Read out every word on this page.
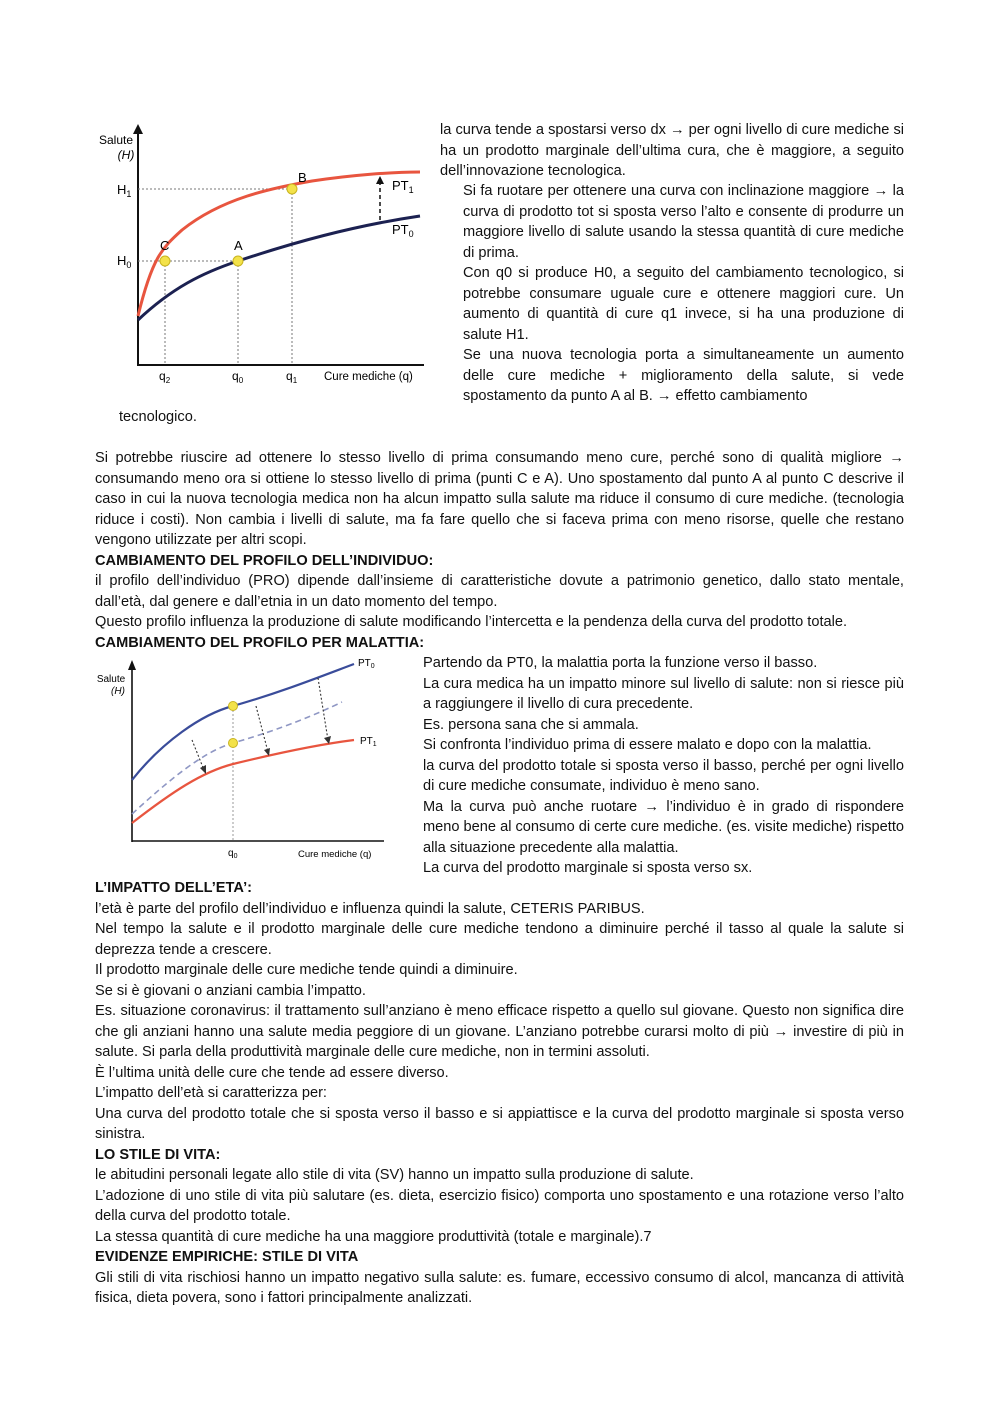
Salute
(H)
$H_1$
$H_0$
$PT_1$
$PT_0$
B
C	A
$q_2$	$q_0$	$q_1$ Cure mediche (q)

la curva tende a spostarsi verso dx → per ogni livello di cure mediche si ha un prodotto marginale dell’ultima cura, che è maggiore, a seguito dell’innovazione tecnologica.

Si fa ruotare per ottenere una curva con inclinazione maggiore → la curva di prodotto tot si sposta verso l’alto e consente di produrre un maggiore livello di salute usando la stessa quantità di cure mediche di prima.

Con q0 si produce H0, a seguito del cambiamento tecnologico, si potrebbe consumare uguale cure e ottenere maggiori cure. Un aumento di quantità di cure q1 invece, si ha una produzione di salute H1.

Se una nuova tecnologia porta a simultaneamente un aumento delle cure mediche + miglioramento della salute, si vede spostamento da punto A al B. → effetto cambiamento

tecnologico.

Si potrebbe riuscire ad ottenere lo stesso livello di prima consumando meno cure, perché sono di qualità migliore → consumando meno ora si ottiene lo stesso livello di prima (punti C e A). Uno spostamento dal punto A al punto C descrive il caso in cui la nuova tecnologia medica non ha alcun impatto sulla salute ma riduce il consumo di cure mediche. (tecnologia riduce i costi). Non cambia i livelli di salute, ma fa fare quello che si faceva prima con meno risorse, quelle che restano vengono utilizzate per altri scopi.

CAMBIAMENTO DEL PROFILO DELL’INDIVIDUO:

il profilo dell’individuo (PRO) dipende dall’insieme di caratteristiche dovute a patrimonio genetico, dallo stato mentale, dall’età, dal genere e dall’etnia in un dato momento del tempo.

Questo profilo influenza la produzione di salute modificando l’intercetta e la pendenza della curva del prodotto totale.

CAMBIAMENTO DEL PROFILO PER MALATTIA:

Salute
(H)
$PT_0$
$PT_1$
$q_0$	Cure mediche (q)

Partendo da PT0, la malattia porta la funzione verso il basso.

La cura medica ha un impatto minore sul livello di salute: non si riesce più a raggiungere il livello di cura precedente.

Es. persona sana che si ammala.

Si confronta l’individuo prima di essere malato e dopo con la malattia.

la curva del prodotto totale si sposta verso il basso, perché per ogni livello di cure mediche consumate, individuo è meno sano.

Ma la curva può anche ruotare → l’individuo è in grado di rispondere meno bene al consumo di certe cure mediche. (es. visite mediche) rispetto alla situazione precedente alla malattia.

La curva del prodotto marginale si sposta verso sx.

L’IMPATTO DELL’ETA’:

l’età è parte del profilo dell’individuo e influenza quindi la salute, CETERIS PARIBUS.

Nel tempo la salute e il prodotto marginale delle cure mediche tendono a diminuire perché il tasso al quale la salute si deprezza tende a crescere.

Il prodotto marginale delle cure mediche tende quindi a diminuire.

Se si è giovani o anziani cambia l’impatto.

Es. situazione coronavirus: il trattamento sull’anziano è meno efficace rispetto a quello sul giovane. Questo non significa dire che gli anziani hanno una salute media peggiore di un giovane. L’anziano potrebbe curarsi molto di più → investire di più in salute. Si parla della produttività marginale delle cure mediche, non in termini assoluti.

È l’ultima unità delle cure che tende ad essere diverso.

L’impatto dell’età si caratterizza per:

Una curva del prodotto totale che si sposta verso il basso e si appiattisce e la curva del prodotto marginale si sposta verso sinistra.

LO STILE DI VITA:

le abitudini personali legate allo stile di vita (SV) hanno un impatto sulla produzione di salute.

L’adozione di uno stile di vita più salutare (es. dieta, esercizio fisico) comporta uno spostamento e una rotazione verso l’alto della curva del prodotto totale.

La stessa quantità di cure mediche ha una maggiore produttività (totale e marginale).7

EVIDENZE EMPIRICHE: STILE DI VITA

Gli stili di vita rischiosi hanno un impatto negativo sulla salute: es. fumare, eccessivo consumo di alcol, mancanza di attività fisica, dieta povera, sono i fattori principalmente analizzati.
